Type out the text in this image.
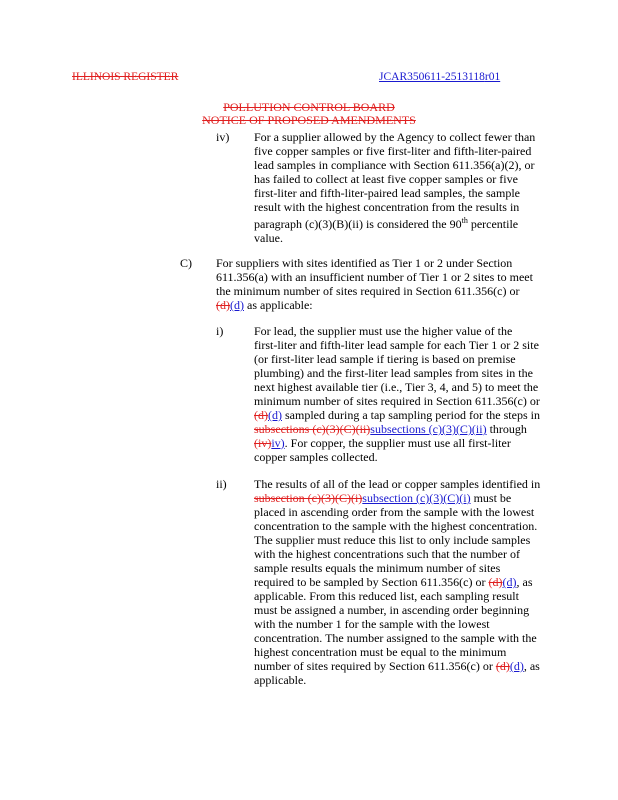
ILLINOIS REGISTER	JCAR350611-2513118r01
POLLUTION CONTROL BOARD
NOTICE OF PROPOSED AMENDMENTS
iv) For a supplier allowed by the Agency to collect fewer than

five copper samples or five first-liter and fifth-liter-paired

lead samples in compliance with Section 611.356(a)(2), or

has failed to collect at least five copper samples or five

first-liter and fifth-liter-paired lead samples, the sample

result with the highest concentration from the results in

paragraph (c)(3)(B)(ii) is considered the 90th percentile

value.

C) For suppliers with sites identified as Tier 1 or 2 under Section

611.356(a) with an insufficient number of Tier 1 or 2 sites to meet

the minimum number of sites required in Section 611.356(c) or

(d)(d) as applicable:

i)	For lead, the supplier must use the higher value of the

first-liter and fifth-liter lead sample for each Tier 1 or 2 site

(or first-liter lead sample if tiering is based on premise

plumbing) and the first-liter lead samples from sites in the

next highest available tier (i.e., Tier 3, 4, and 5) to meet the

minimum number of sites required in Section 611.356(c) or

(d)(d) sampled during a tap sampling period for the steps in

subsections (c)(3)(C)(ii)subsections (c)(3)(C)(ii) through

(iv)iv). For copper, the supplier must use all first-liter

copper samples collected.

ii) The results of all of the lead or copper samples identified in

subsection (c)(3)(C)(i)subsection (c)(3)(C)(i) must be

placed in ascending order from the sample with the lowest

concentration to the sample with the highest concentration.

The supplier must reduce this list to only include samples

with the highest concentrations such that the number of

sample results equals the minimum number of sites

required to be sampled by Section 611.356(c) or (d)(d), as

applicable. From this reduced list, each sampling result

must be assigned a number, in ascending order beginning

with the number 1 for the sample with the lowest

concentration. The number assigned to the sample with the

highest concentration must be equal to the minimum

number of sites required by Section 611.356(c) or (d)(d), as

applicable.
